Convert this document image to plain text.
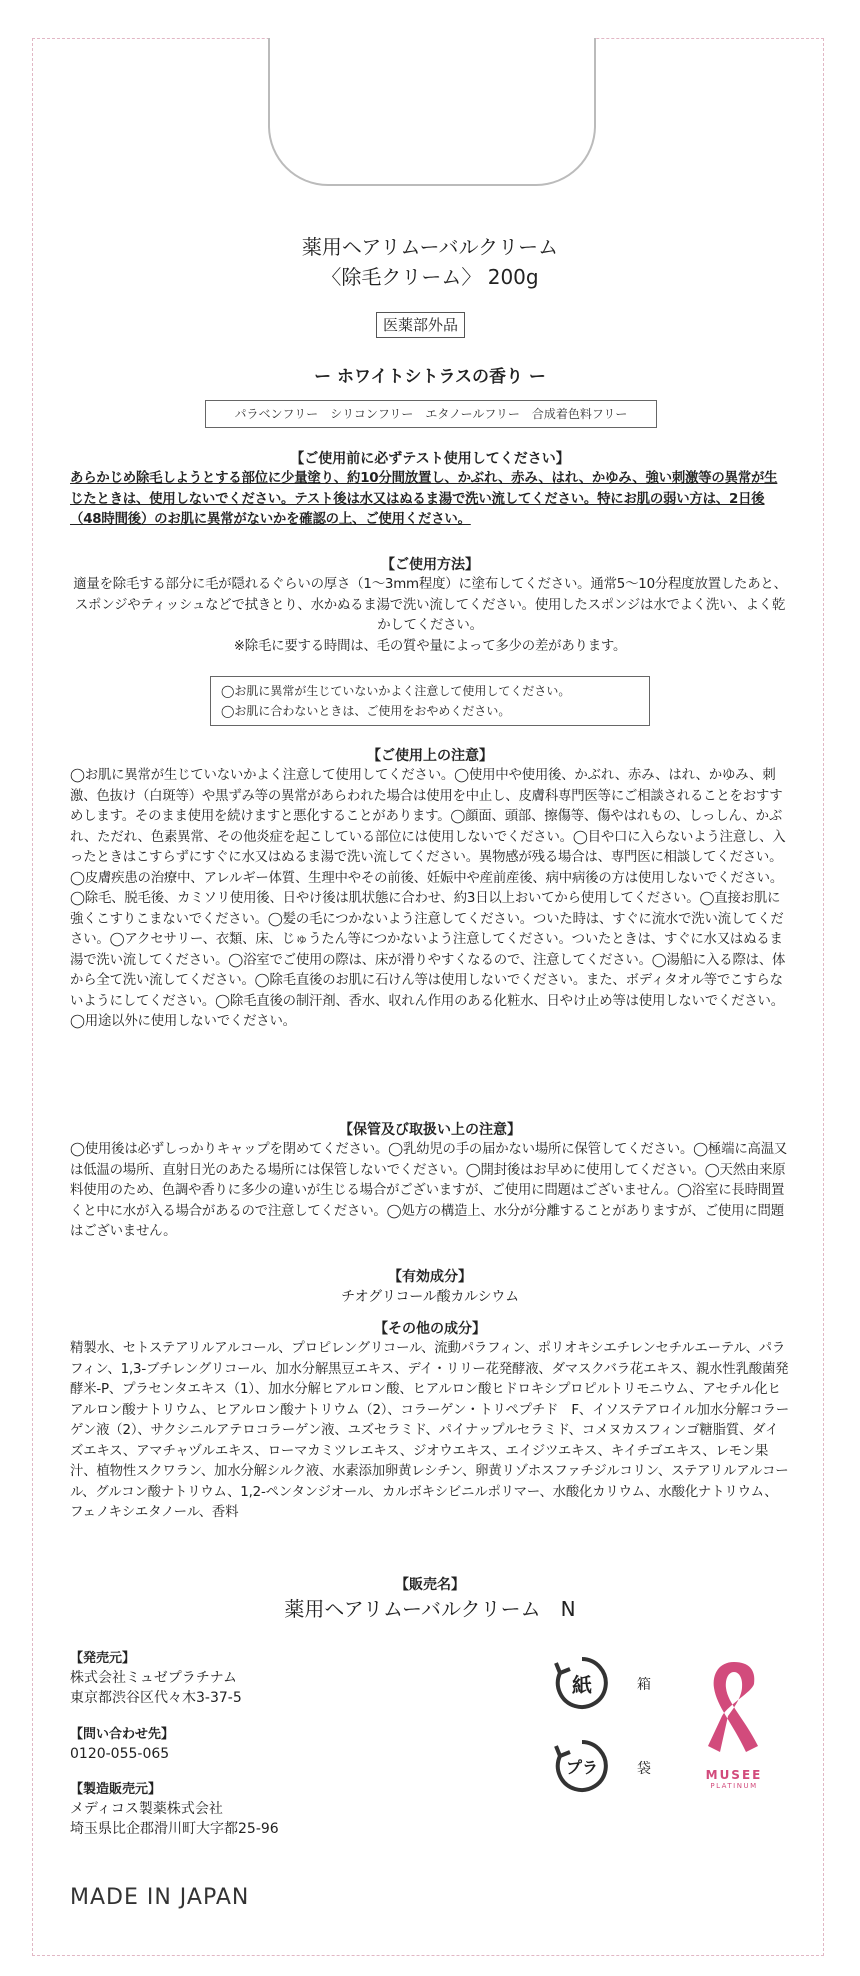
薬用ヘアリムーバルクリーム
〈除毛クリーム〉 200g
医薬部外品
ー ホワイトシトラスの香り ー
パラベンフリー　シリコンフリー　エタノールフリー　合成着色料フリー
【ご使用前に必ずテスト使用してください】
あらかじめ除毛しようとする部位に少量塗り、約10分間放置し、かぶれ、赤み、はれ、かゆみ、強い刺激等の異常が生じたときは、使用しないでください。テスト後は水又はぬるま湯で洗い流してください。特にお肌の弱い方は、2日後（48時間後）のお肌に異常がないかを確認の上、ご使用ください。
【ご使用方法】
適量を除毛する部分に毛が隠れるぐらいの厚さ（1〜3mm程度）に塗布してください。通常5〜10分程度放置したあと、スポンジやティッシュなどで拭きとり、水かぬるま湯で洗い流してください。使用したスポンジは水でよく洗い、よく乾かしてください。
※除毛に要する時間は、毛の質や量によって多少の差があります。
◯お肌に異常が生じていないかよく注意して使用してください。
◯お肌に合わないときは、ご使用をおやめください。
【ご使用上の注意】
◯お肌に異常が生じていないかよく注意して使用してください。◯使用中や使用後、かぶれ、赤み、はれ、かゆみ、刺激、色抜け（白斑等）や黒ずみ等の異常があらわれた場合は使用を中止し、皮膚科専門医等にご相談されることをおすすめします。そのまま使用を続けますと悪化することがあります。◯顔面、頭部、擦傷等、傷やはれもの、しっしん、かぶれ、ただれ、色素異常、その他炎症を起こしている部位には使用しないでください。◯目や口に入らないよう注意し、入ったときはこすらずにすぐに水又はぬるま湯で洗い流してください。異物感が残る場合は、専門医に相談してください。◯皮膚疾患の治療中、アレルギー体質、生理中やその前後、妊娠中や産前産後、病中病後の方は使用しないでください。◯除毛、脱毛後、カミソリ使用後、日やけ後は肌状態に合わせ、約3日以上おいてから使用してください。◯直接お肌に強くこすりこまないでください。◯髪の毛につかないよう注意してください。ついた時は、すぐに流水で洗い流してください。◯アクセサリー、衣類、床、じゅうたん等につかないよう注意してください。ついたときは、すぐに水又はぬるま湯で洗い流してください。◯浴室でご使用の際は、床が滑りやすくなるので、注意してください。◯湯船に入る際は、体から全て洗い流してください。◯除毛直後のお肌に石けん等は使用しないでください。また、ボディタオル等でこすらないようにしてください。◯除毛直後の制汗剤、香水、収れん作用のある化粧水、日やけ止め等は使用しないでください。◯用途以外に使用しないでください。
【保管及び取扱い上の注意】
◯使用後は必ずしっかりキャップを閉めてください。◯乳幼児の手の届かない場所に保管してください。◯極端に高温又は低温の場所、直射日光のあたる場所には保管しないでください。◯開封後はお早めに使用してください。◯天然由来原料使用のため、色調や香りに多少の違いが生じる場合がございますが、ご使用に問題はございません。◯浴室に長時間置くと中に水が入る場合があるので注意してください。◯処方の構造上、水分が分離することがありますが、ご使用に問題はございません。
【有効成分】
チオグリコール酸カルシウム
【その他の成分】
精製水、セトステアリルアルコール、プロピレングリコール、流動パラフィン、ポリオキシエチレンセチルエーテル、パラフィン、1,3-ブチレングリコール、加水分解黒豆エキス、デイ・リリー花発酵液、ダマスクバラ花エキス、親水性乳酸菌発酵米-P、プラセンタエキス（1）、加水分解ヒアルロン酸、ヒアルロン酸ヒドロキシプロピルトリモニウム、アセチル化ヒアルロン酸ナトリウム、ヒアルロン酸ナトリウム（2）、コラーゲン・トリペプチド　F、イソステアロイル加水分解コラーゲン液（2）、サクシニルアテロコラーゲン液、ユズセラミド、パイナップルセラミド、コメヌカスフィンゴ糖脂質、ダイズエキス、アマチャヅルエキス、ローマカミツレエキス、ジオウエキス、エイジツエキス、キイチゴエキス、レモン果汁、植物性スクワラン、加水分解シルク液、水素添加卵黄レシチン、卵黄リゾホスファチジルコリン、ステアリルアルコール、グルコン酸ナトリウム、1,2-ペンタンジオール、カルボキシビニルポリマー、水酸化カリウム、水酸化ナトリウム、フェノキシエタノール、香料
【販売名】
薬用ヘアリムーバルクリーム　N
【発売元】
株式会社ミュゼプラチナム
東京都渋谷区代々木3-37-5
【問い合わせ先】
0120-055-065
【製造販売元】
メディコス製薬株式会社
埼玉県比企郡滑川町大字都25-96
MADE IN JAPAN
紙	箱
プラ	袋	MUSEE
PLATINUM
